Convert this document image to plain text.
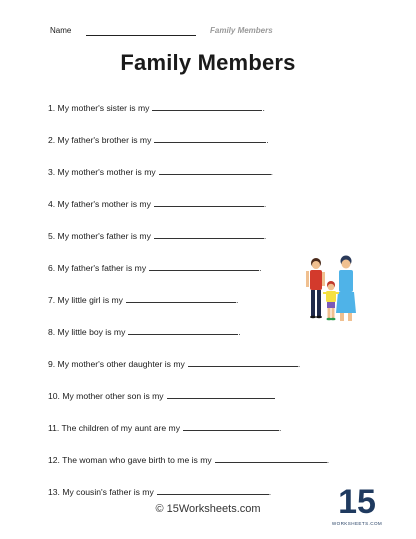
Name	Family Members
Family Members
1. My mother's sister is my	.
2. My father's brother is my	.
3. My mother's mother is my	.
4. My father's mother is my	.
5. My mother's father is my	.
6. My father's father is my	.
7. My little girl is my	.
8. My little boy is my	.
9. My mother's other daughter is my	.
10. My mother other son is my
11. The children of my aunt are my	.
12. The woman who gave birth to me is my	.
13. My cousin's father is my	.
© 15Worksheets.com	15
WORKSHEETS.COM
